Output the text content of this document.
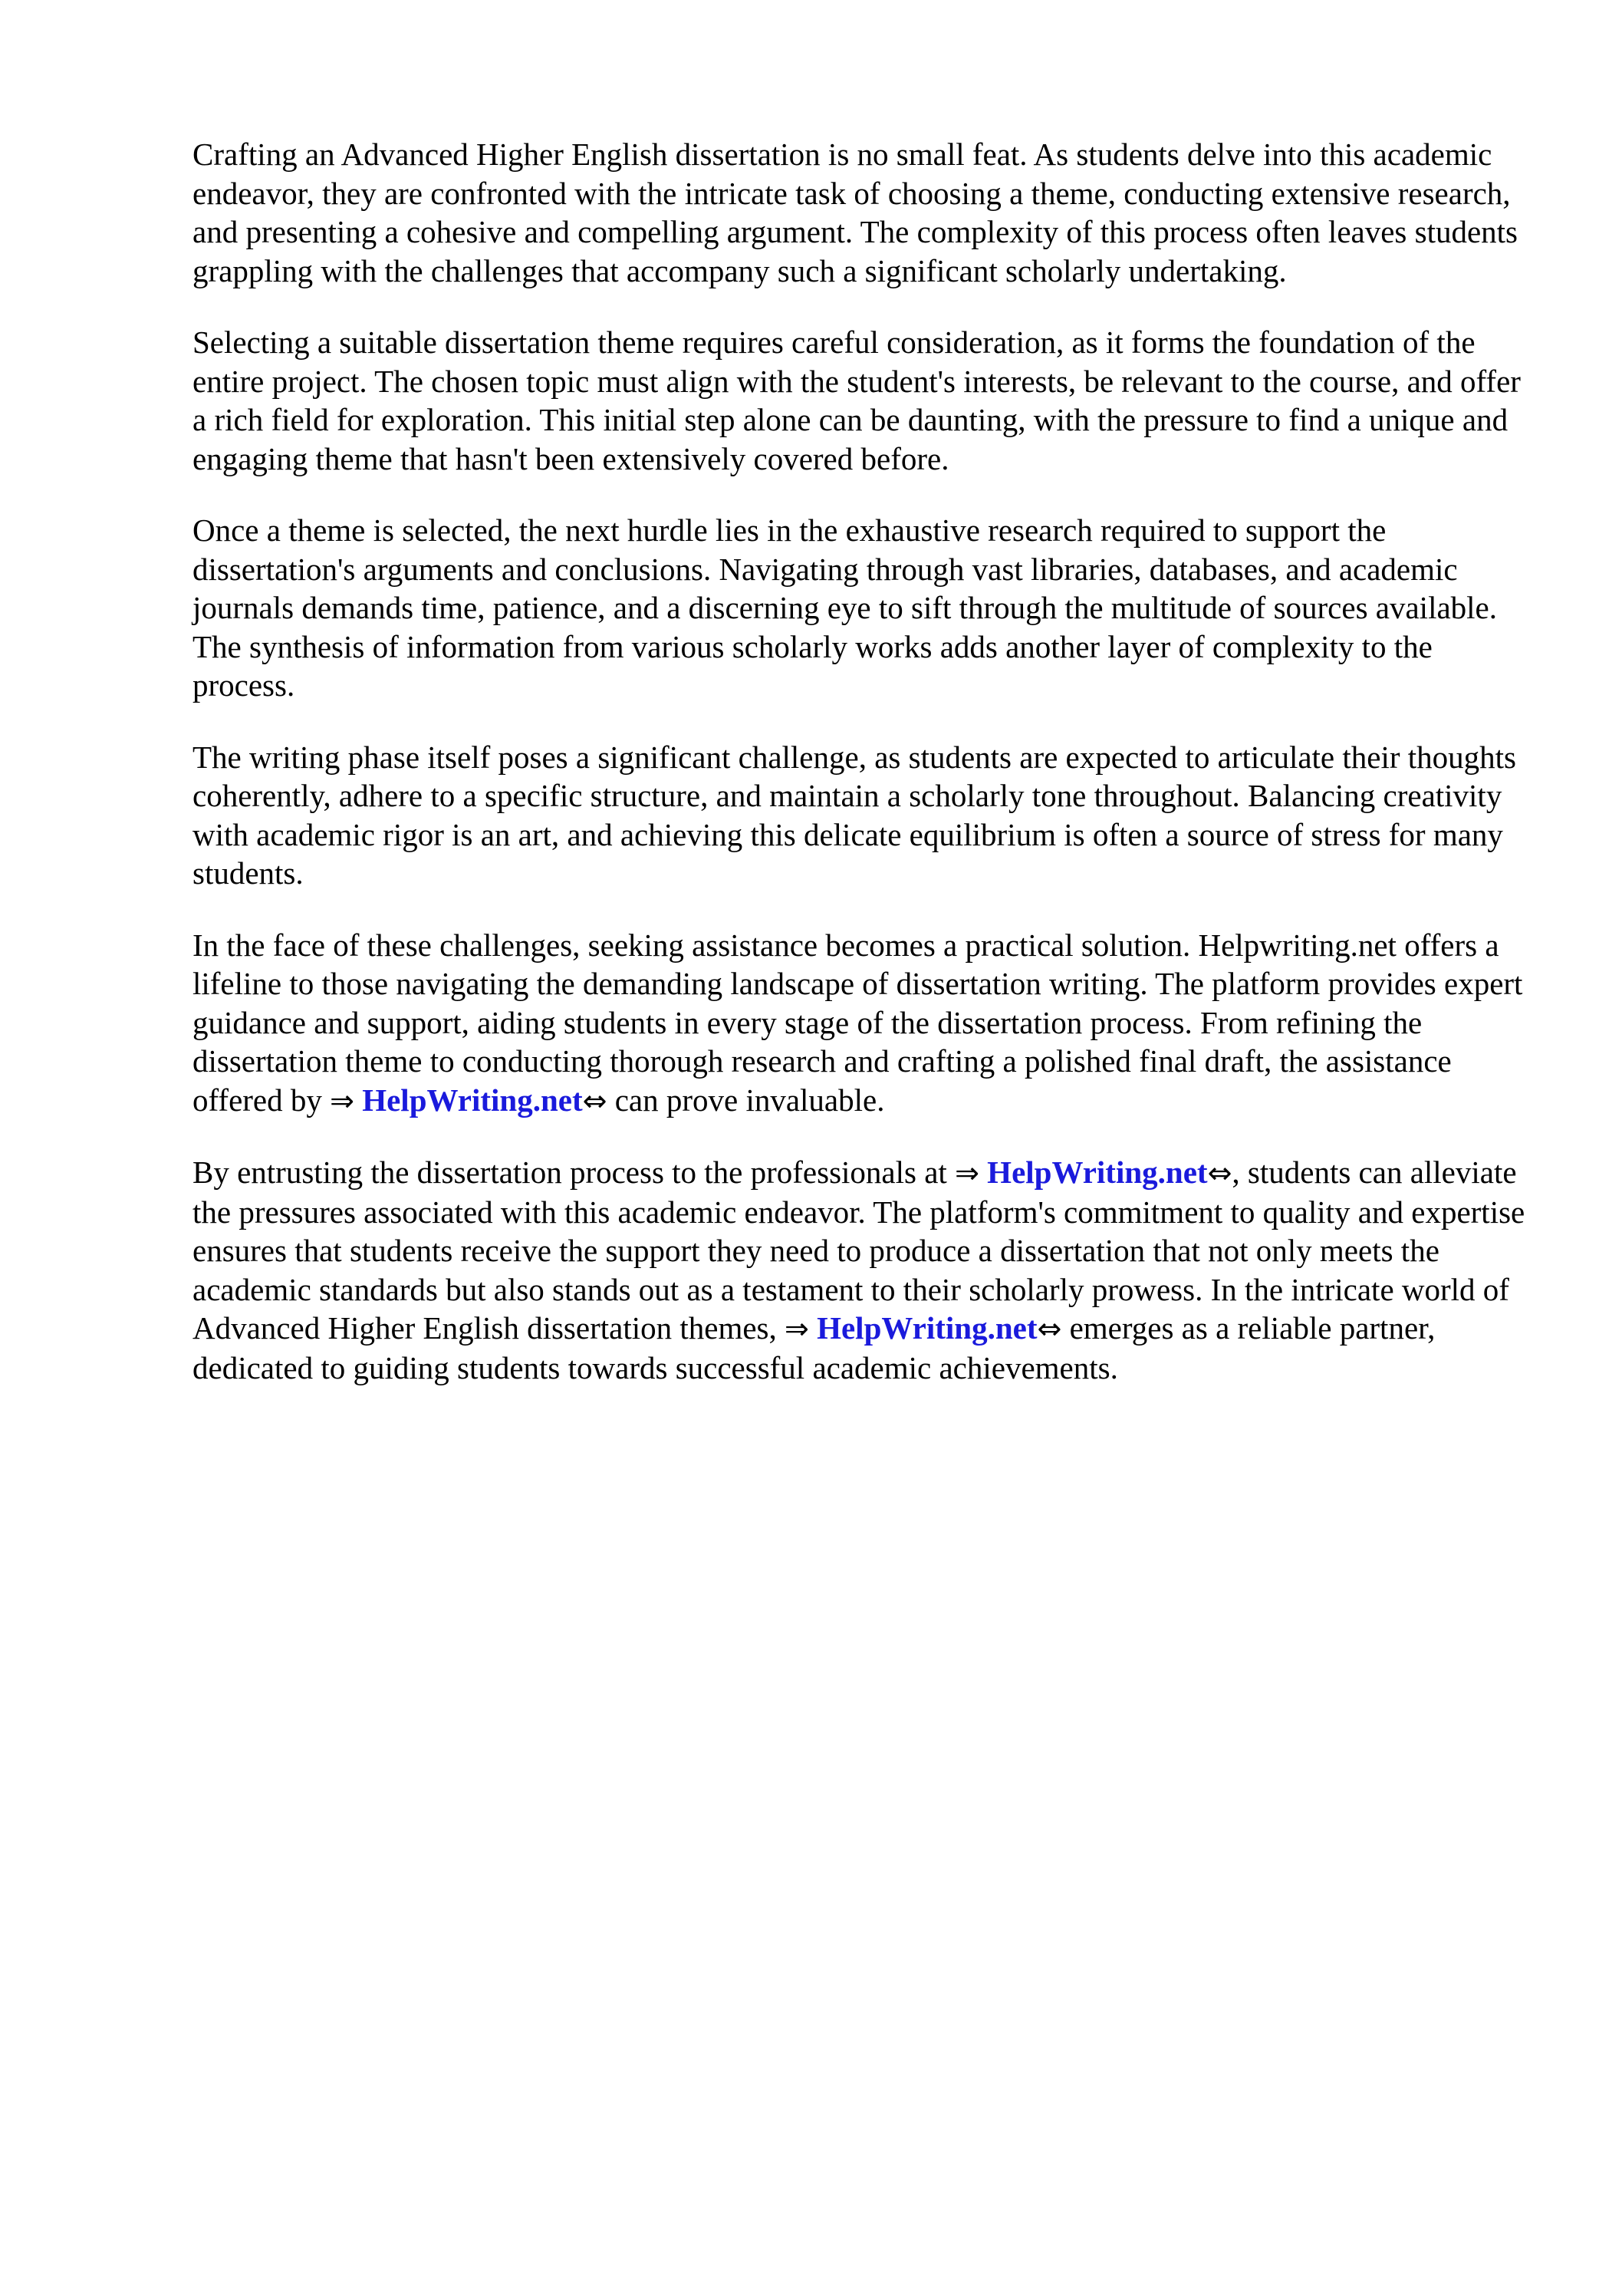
Crafting an Advanced Higher English dissertation is no small feat. As students delve into this academic endeavor, they are confronted with the intricate task of choosing a theme, conducting extensive research, and presenting a cohesive and compelling argument. The complexity of this process often leaves students grappling with the challenges that accompany such a significant scholarly undertaking.

Selecting a suitable dissertation theme requires careful consideration, as it forms the foundation of the entire project. The chosen topic must align with the student's interests, be relevant to the course, and offer a rich field for exploration. This initial step alone can be daunting, with the pressure to find a unique and engaging theme that hasn't been extensively covered before.

Once a theme is selected, the next hurdle lies in the exhaustive research required to support the dissertation's arguments and conclusions. Navigating through vast libraries, databases, and academic journals demands time, patience, and a discerning eye to sift through the multitude of sources available. The synthesis of information from various scholarly works adds another layer of complexity to the process.

The writing phase itself poses a significant challenge, as students are expected to articulate their thoughts coherently, adhere to a specific structure, and maintain a scholarly tone throughout. Balancing creativity with academic rigor is an art, and achieving this delicate equilibrium is often a source of stress for many students.

In the face of these challenges, seeking assistance becomes a practical solution. Helpwriting.net offers a lifeline to those navigating the demanding landscape of dissertation writing. The platform provides expert guidance and support, aiding students in every stage of the dissertation process. From refining the dissertation theme to conducting thorough research and crafting a polished final draft, the assistance offered by ⇒ HelpWriting.net⇔ can prove invaluable.

By entrusting the dissertation process to the professionals at ⇒ HelpWriting.net⇔, students can alleviate the pressures associated with this academic endeavor. The platform's commitment to quality and expertise ensures that students receive the support they need to produce a dissertation that not only meets the academic standards but also stands out as a testament to their scholarly prowess. In the intricate world of Advanced Higher English dissertation themes, ⇒ HelpWriting.net⇔ emerges as a reliable partner, dedicated to guiding students towards successful academic achievements.
